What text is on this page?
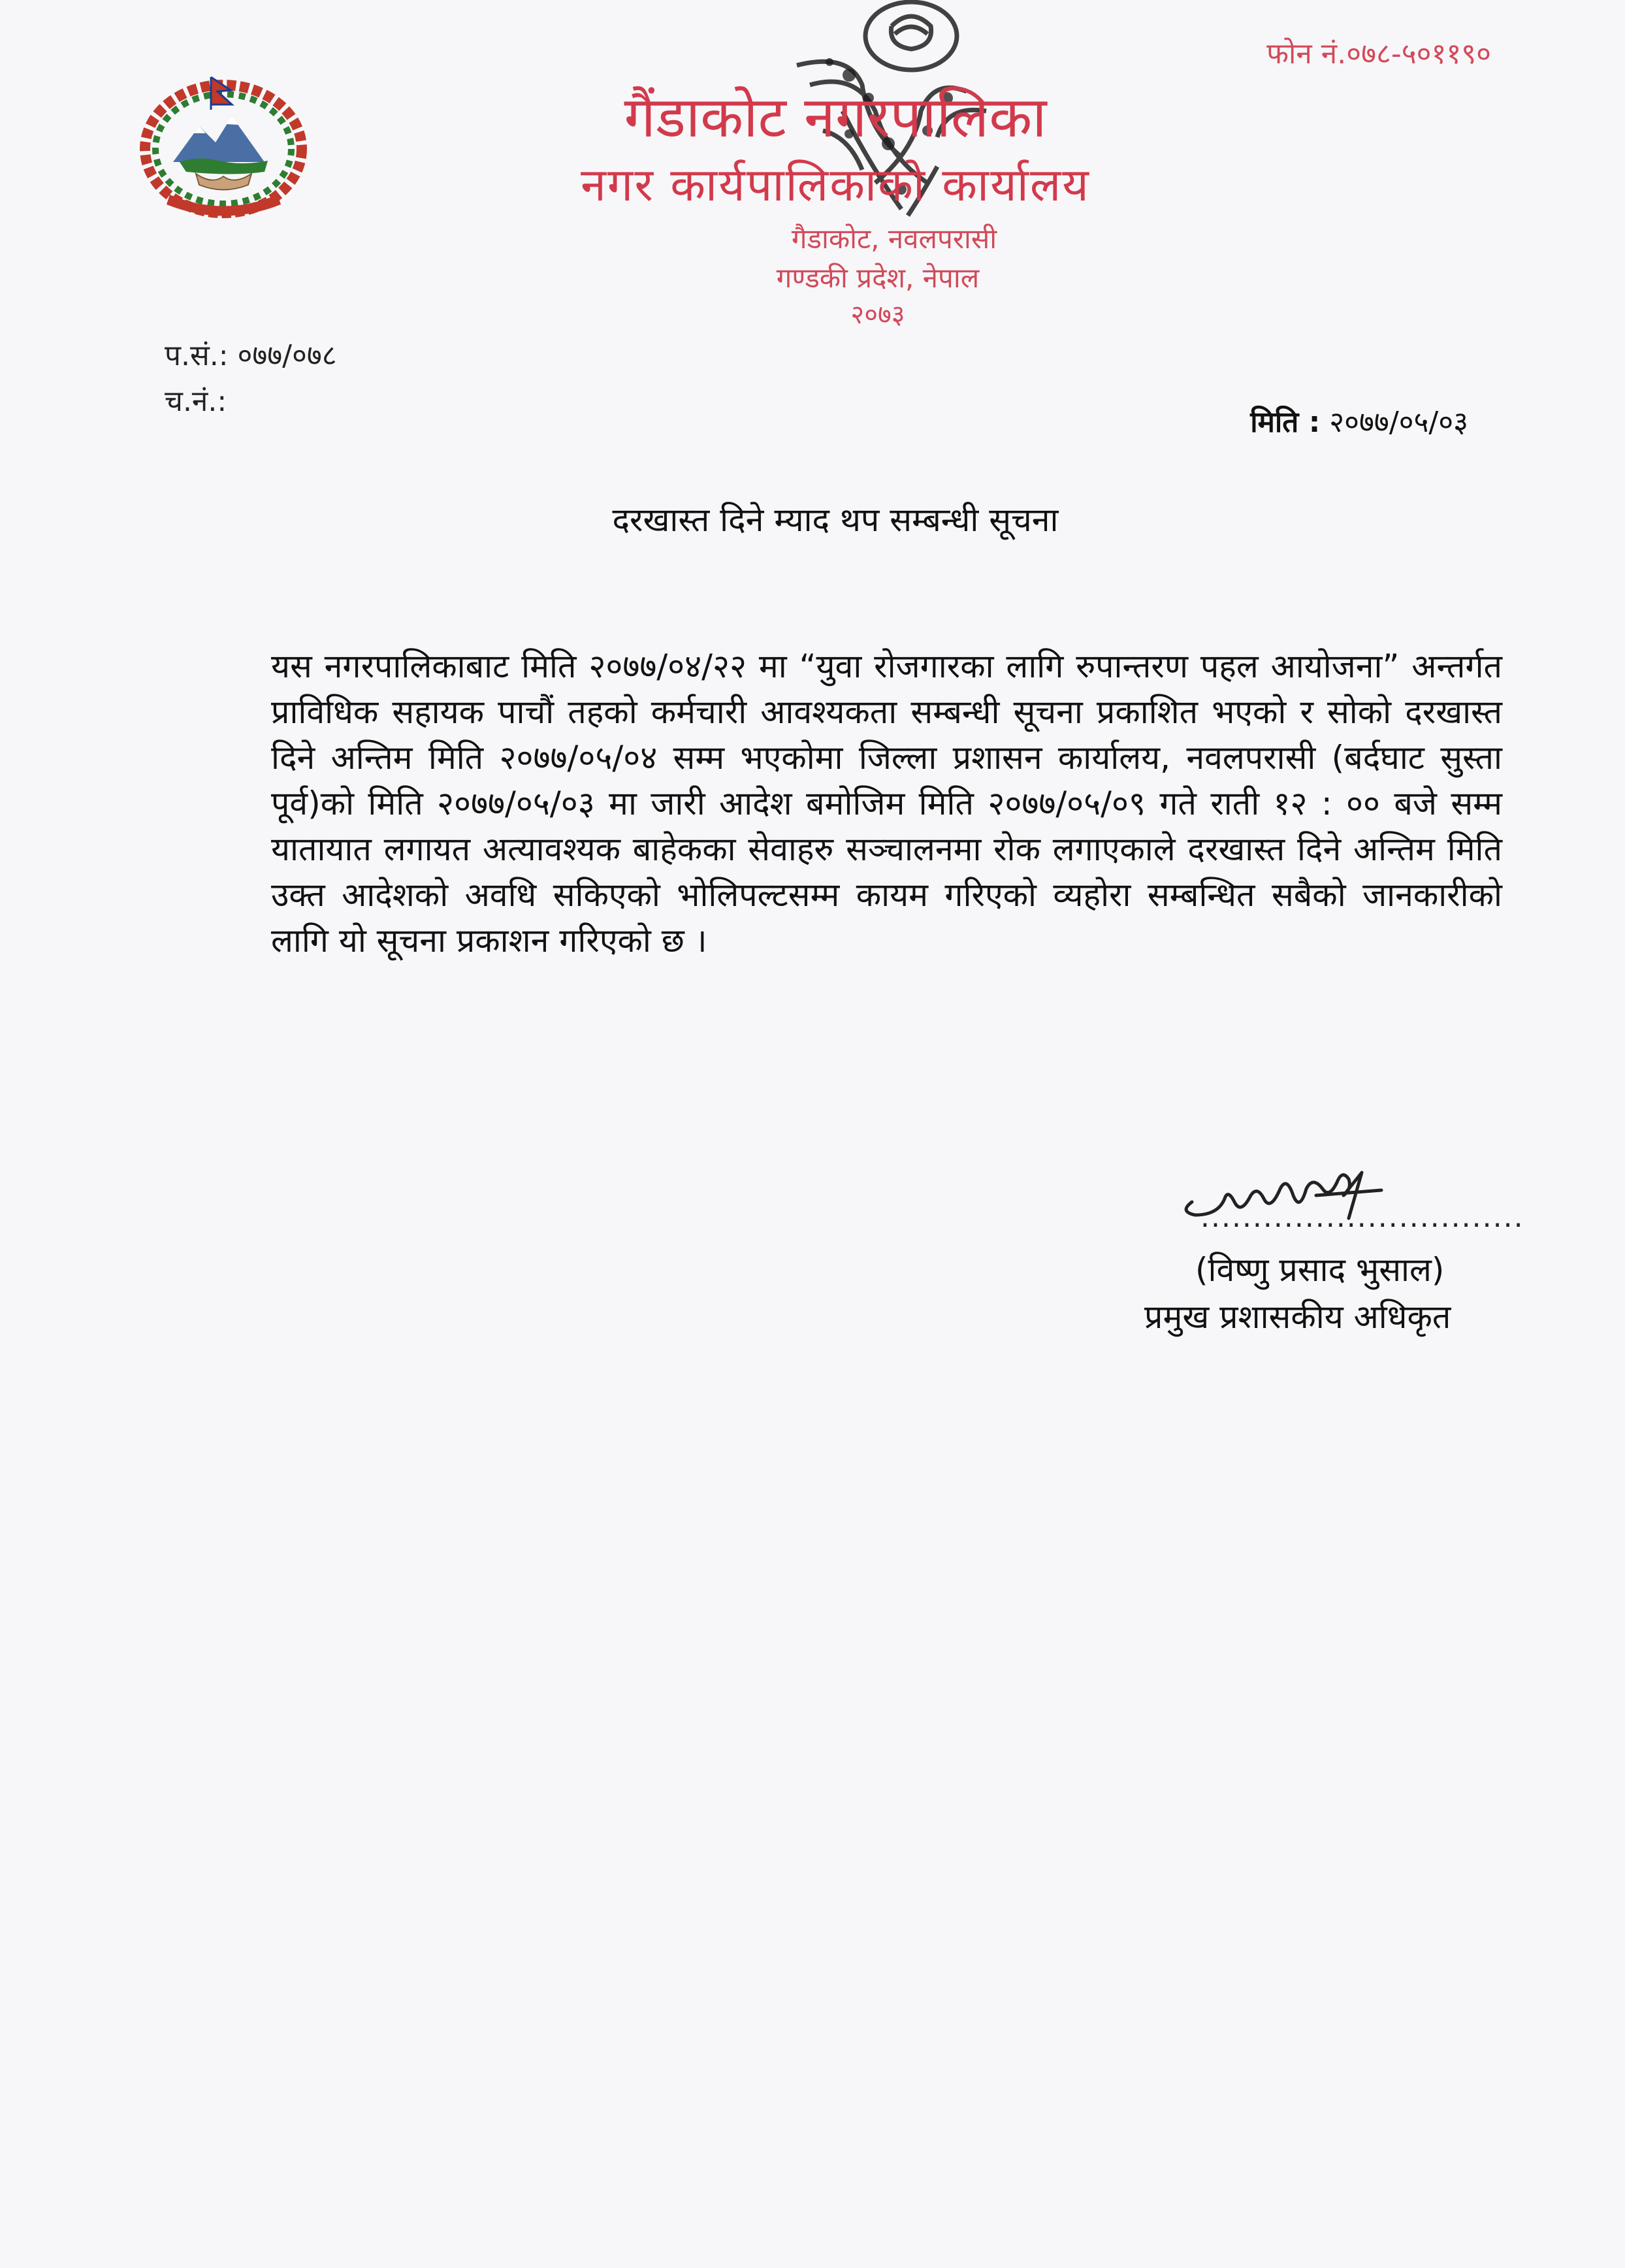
फोन नं.०७८-५०११९०
गैंडाकोट नगरपालिका
नगर कार्यपालिकाको कार्यालय
गैडाकोट, नवलपरासी
गण्डकी प्रदेश, नेपाल
२०७३
प.सं.: ०७७/०७८
च.नं.:
मिति : २०७७/०५/०३
दरखास्त दिने म्याद थप सम्बन्धी सूचना
यस नगरपालिकाबाट मिति २०७७/०४/२२ मा “युवा रोजगारका लागि रुपान्तरण पहल आयोजना” अन्तर्गत प्राविधिक सहायक पाचौं तहको कर्मचारी आवश्यकता सम्बन्धी सूचना प्रकाशित भएको र सोको दरखास्त दिने अन्तिम मिति २०७७/०५/०४ सम्म भएकोमा जिल्ला प्रशासन कार्यालय, नवलपरासी (बर्दघाट सुस्ता पूर्व)को मिति २०७७/०५/०३ मा जारी आदेश बमोजिम मिति २०७७/०५/०९ गते राती १२ : ०० बजे सम्म यातायात लगायत अत्यावश्यक बाहेकका सेवाहरु सञ्चालनमा रोक लगाएकाले दरखास्त दिने अन्तिम मिति उक्त आदेशको अवधि सकिएको भोलिपल्टसम्म कायम गरिएको व्यहोरा सम्बन्धित सबैको जानकारीको लागि यो सूचना प्रकाशन गरिएको छ ।
...............................
(विष्णु प्रसाद भुसाल)
प्रमुख प्रशासकीय अधिकृत
